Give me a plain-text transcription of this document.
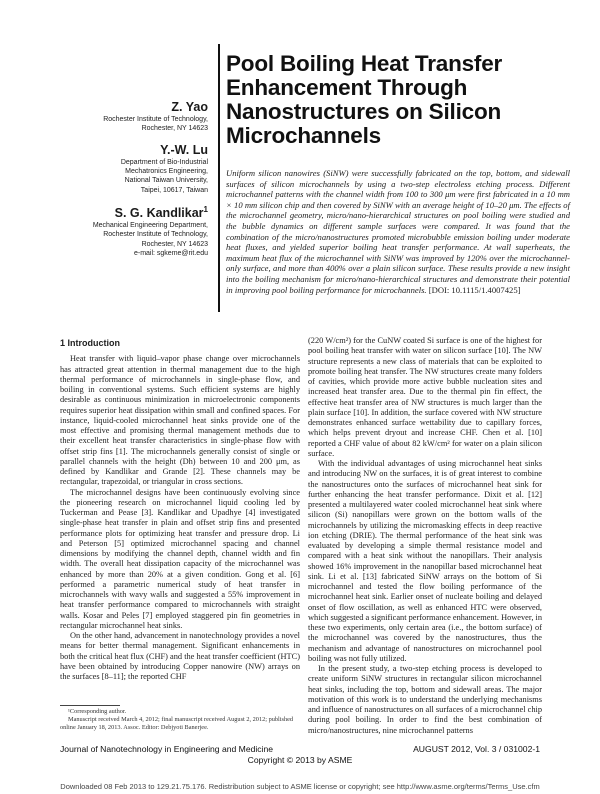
Pool Boiling Heat Transfer Enhancement Through Nanostructures on Silicon Microchannels
Z. Yao
Rochester Institute of Technology,
Rochester, NY 14623
Y.-W. Lu
Department of Bio-Industrial
Mechatronics Engineering,
National Taiwan University,
Taipei, 10617, Taiwan
S. G. Kandlikar$^1$
Mechanical Engineering Department,
Rochester Institute of Technology,
Rochester, NY 14623
e-mail: sgkeme@rit.edu
Uniform silicon nanowires (SiNW) were successfully fabricated on the top, bottom, and sidewall surfaces of silicon microchannels by using a two-step electroless etching process. Different microchannel patterns with the channel width from 100 to 300 μm were first fabricated in a 10 mm × 10 mm silicon chip and then covered by SiNW with an average height of 10–20 μm. The effects of the microchannel geometry, micro/nano-hierarchical structures on pool boiling were studied and the bubble dynamics on different sample surfaces were compared. It was found that the combination of the micro/nanostructures promoted microbubble emission boiling under moderate heat fluxes, and yielded superior boiling heat transfer performance. At wall superheats, the maximum heat flux of the microchannel with SiNW was improved by 120% over the microchannel-only surface, and more than 400% over a plain silicon surface. These results provide a new insight into the boiling mechanism for micro/nano-hierarchical structures and demonstrate their potential in improving pool boiling performance for microchannels. [DOI: 10.1115/1.4007425]
1 Introduction

Heat transfer with liquid–vapor phase change over microchannels has attracted great attention in thermal management due to the high thermal performance of microchannels in single-phase flow, and boiling in conventional systems. Such efficient systems are highly desirable as continuous minimization in microelectronic components requires superior heat dissipation within small and confined spaces. For instance, liquid-cooled microchannel heat sinks provide one of the most effective and promising thermal management methods due to their excellent heat transfer characteristics in single-phase flow with offset strip fins [1]. The microchannels generally consist of single or parallel channels with the height (Dh) between 10 and 200 μm, as defined by Kandlikar and Grande [2]. These channels may be rectangular, trapezoidal, or triangular in cross sections.

The microchannel designs have been continuously evolving since the pioneering research on microchannel liquid cooling led by Tuckerman and Pease [3]. Kandlikar and Upadhye [4] investigated single-phase heat transfer in plain and offset strip fins and presented performance plots for optimizing heat transfer and pressure drop. Li and Peterson [5] optimized microchannel spacing and channel dimensions by modifying the channel depth, channel width and fin width. The overall heat dissipation capacity of the microchannel was enhanced by more than 20% at a given condition. Gong et al. [6] performed a parametric numerical study of heat transfer in microchannels with wavy walls and suggested a 55% improvement in heat transfer performance compared to microchannels with straight walls. Kosar and Peles [7] employed staggered pin fin geometries in rectangular microchannel heat sinks.

On the other hand, advancement in nanotechnology provides a novel means for better thermal management. Significant enhancements in both the critical heat flux (CHF) and the heat transfer coefficient (HTC) have been obtained by introducing Copper nanowire (NW) arrays on the surfaces [8–11]; the reported CHF

¹Corresponding author.
Manuscript received March 4, 2012; final manuscript received August 2, 2012; published online January 18, 2013. Assoc. Editor: Debjyoti Banerjee.

(220 W/cm²) for the CuNW coated Si surface is one of the highest for pool boiling heat transfer with water on silicon surface [10]. The NW structure represents a new class of materials that can be exploited to promote boiling heat transfer. The NW structures create many folders of cavities, which provide more active bubble nucleation sites and increased heat transfer area. Due to the thermal pin fin effect, the effective heat transfer area of NW structures is much larger than the plain surface [10]. In addition, the surface covered with NW structure demonstrates enhanced surface wettability due to capillary forces, which helps prevent dryout and increase CHF. Chen et al. [10] reported a CHF value of about 82 kW/cm² for water on a plain silicon surface.

With the individual advantages of using microchannel heat sinks and introducing NW on the surfaces, it is of great interest to combine the nanostructures onto the surfaces of microchannel heat sink for further enhancing the heat transfer performance. Dixit et al. [12] presented a multilayered water cooled microchannel heat sink where silicon (Si) nanopillars were grown on the bottom walls of the microchannels by utilizing the micromasking effects in deep reactive ion etching (DRIE). The thermal performance of the heat sink was evaluated by developing a simple thermal resistance model and compared with a heat sink without the nanopillars. Their analysis showed 16% improvement in the nanopillar based microchannel heat sink. Li et al. [13] fabricated SiNW arrays on the bottom of Si microchannel and tested the flow boiling performance of the microchannel heat sink. Earlier onset of nucleate boiling and delayed onset of flow oscillation, as well as enhanced HTC were observed, which suggested a significant performance enhancement. However, in these two experiments, only certain area (i.e., the bottom surface) of the microchannel was covered by the nanostructures, thus the mechanism and advantage of nanostructures on microchannel pool boiling was not fully utilized.

In the present study, a two-step etching process is developed to create uniform SiNW structures in rectangular silicon microchannel heat sinks, including the top, bottom and sidewall areas. The major motivation of this work is to understand the underlying mechanisms and influence of nanostructures on all surfaces of a microchannel chip during pool boiling. In order to find the best combination of micro/nanostructures, nine microchannel patterns

Journal of Nanotechnology in Engineering and Medicine	AUGUST 2012, Vol. 3 / 031002-1
Copyright © 2013 by ASME
Downloaded 08 Feb 2013 to 129.21.75.176. Redistribution subject to ASME license or copyright; see http://www.asme.org/terms/Terms_Use.cfm
